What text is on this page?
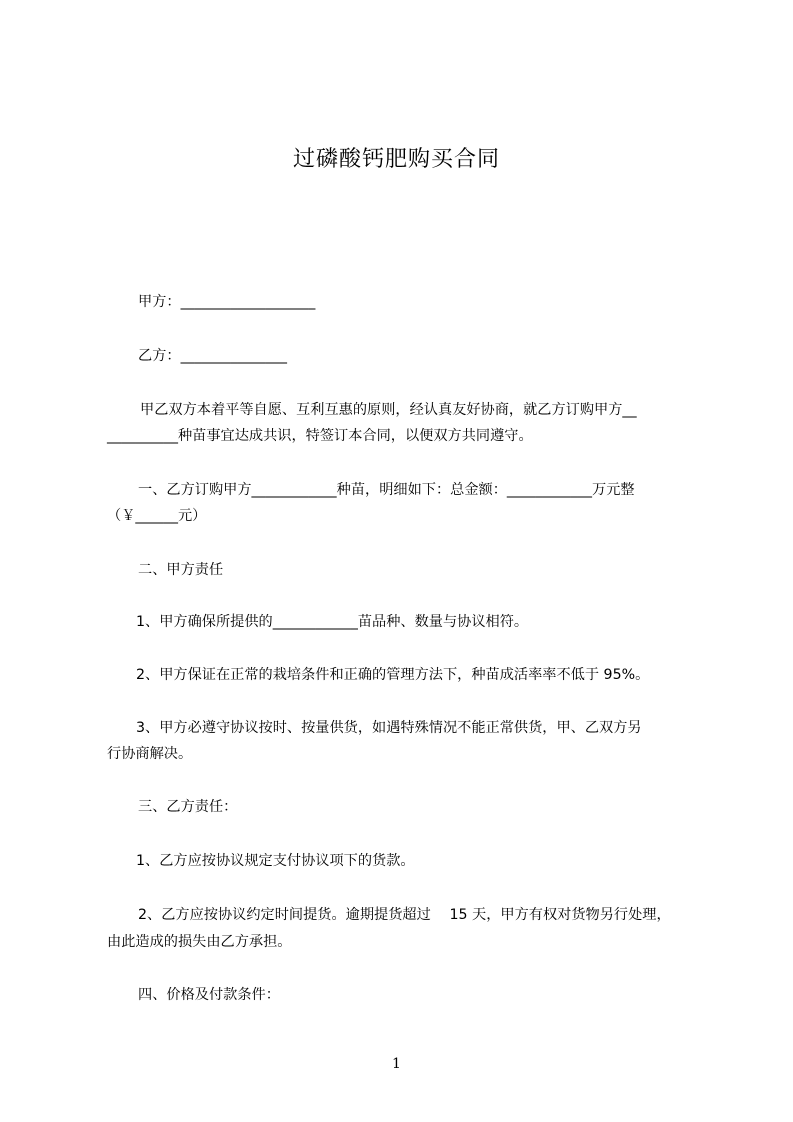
过磷酸钙肥购买合同
甲方：___________________
乙方：_______________
甲乙双方本着平等自愿、互利互惠的原则，经认真友好协商，就乙方订购甲方__
__________种苗事宜达成共识，特签订本合同，以便双方共同遵守。
一、乙方订购甲方____________种苗，明细如下：总金额：____________万元整
（￥______元）
二、甲方责任
1、甲方确保所提供的____________苗品种、数量与协议相符。
2、甲方保证在正常的栽培条件和正确的管理方法下，种苗成活率率不低于 95%。
3、甲方必遵守协议按时、按量供货，如遇特殊情况不能正常供货，甲、乙双方另
行协商解决。
三、乙方责任：
1、乙方应按协议规定支付协议项下的货款。
2、乙方应按协议约定时间提货。逾期提货超过　 15 天，甲方有权对货物另行处理，
由此造成的损失由乙方承担。
四、价格及付款条件：
1
